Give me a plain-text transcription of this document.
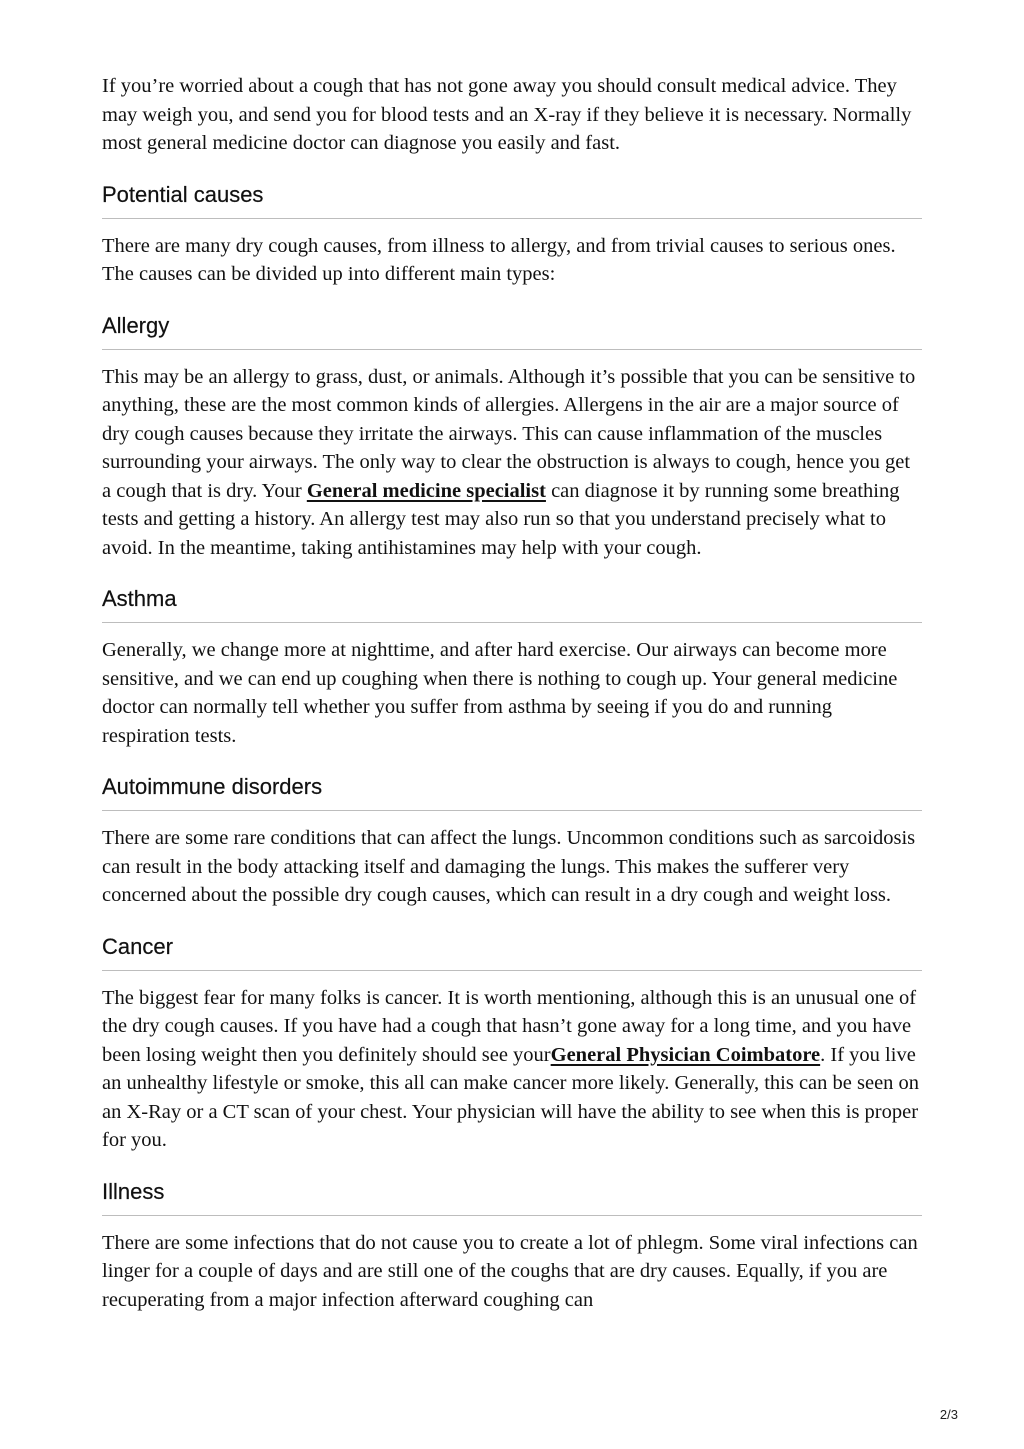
If you’re worried about a cough that has not gone away you should consult medical advice. They may weigh you, and send you for blood tests and an X-ray if they believe it is necessary. Normally most general medicine doctor can diagnose you easily and fast.

Potential causes

There are many dry cough causes, from illness to allergy, and from trivial causes to serious ones. The causes can be divided up into different main types:

Allergy

This may be an allergy to grass, dust, or animals. Although it’s possible that you can be sensitive to anything, these are the most common kinds of allergies. Allergens in the air are a major source of dry cough causes because they irritate the airways. This can cause inflammation of the muscles surrounding your airways. The only way to clear the obstruction is always to cough, hence you get a cough that is dry. Your General medicine specialist can diagnose it by running some breathing tests and getting a history. An allergy test may also run so that you understand precisely what to avoid. In the meantime, taking antihistamines may help with your cough.

Asthma

Generally, we change more at nighttime, and after hard exercise. Our airways can become more sensitive, and we can end up coughing when there is nothing to cough up. Your general medicine doctor can normally tell whether you suffer from asthma by seeing if you do and running respiration tests.

Autoimmune disorders

There are some rare conditions that can affect the lungs. Uncommon conditions such as sarcoidosis can result in the body attacking itself and damaging the lungs. This makes the sufferer very concerned about the possible dry cough causes, which can result in a dry cough and weight loss.

Cancer

The biggest fear for many folks is cancer. It is worth mentioning, although this is an unusual one of the dry cough causes. If you have had a cough that hasn’t gone away for a long time, and you have been losing weight then you definitely should see yourGeneral Physician Coimbatore. If you live an unhealthy lifestyle or smoke, this all can make cancer more likely. Generally, this can be seen on an X-Ray or a CT scan of your chest. Your physician will have the ability to see when this is proper for you.

Illness

There are some infections that do not cause you to create a lot of phlegm. Some viral infections can linger for a couple of days and are still one of the coughs that are dry causes. Equally, if you are recuperating from a major infection afterward coughing can

2/3
